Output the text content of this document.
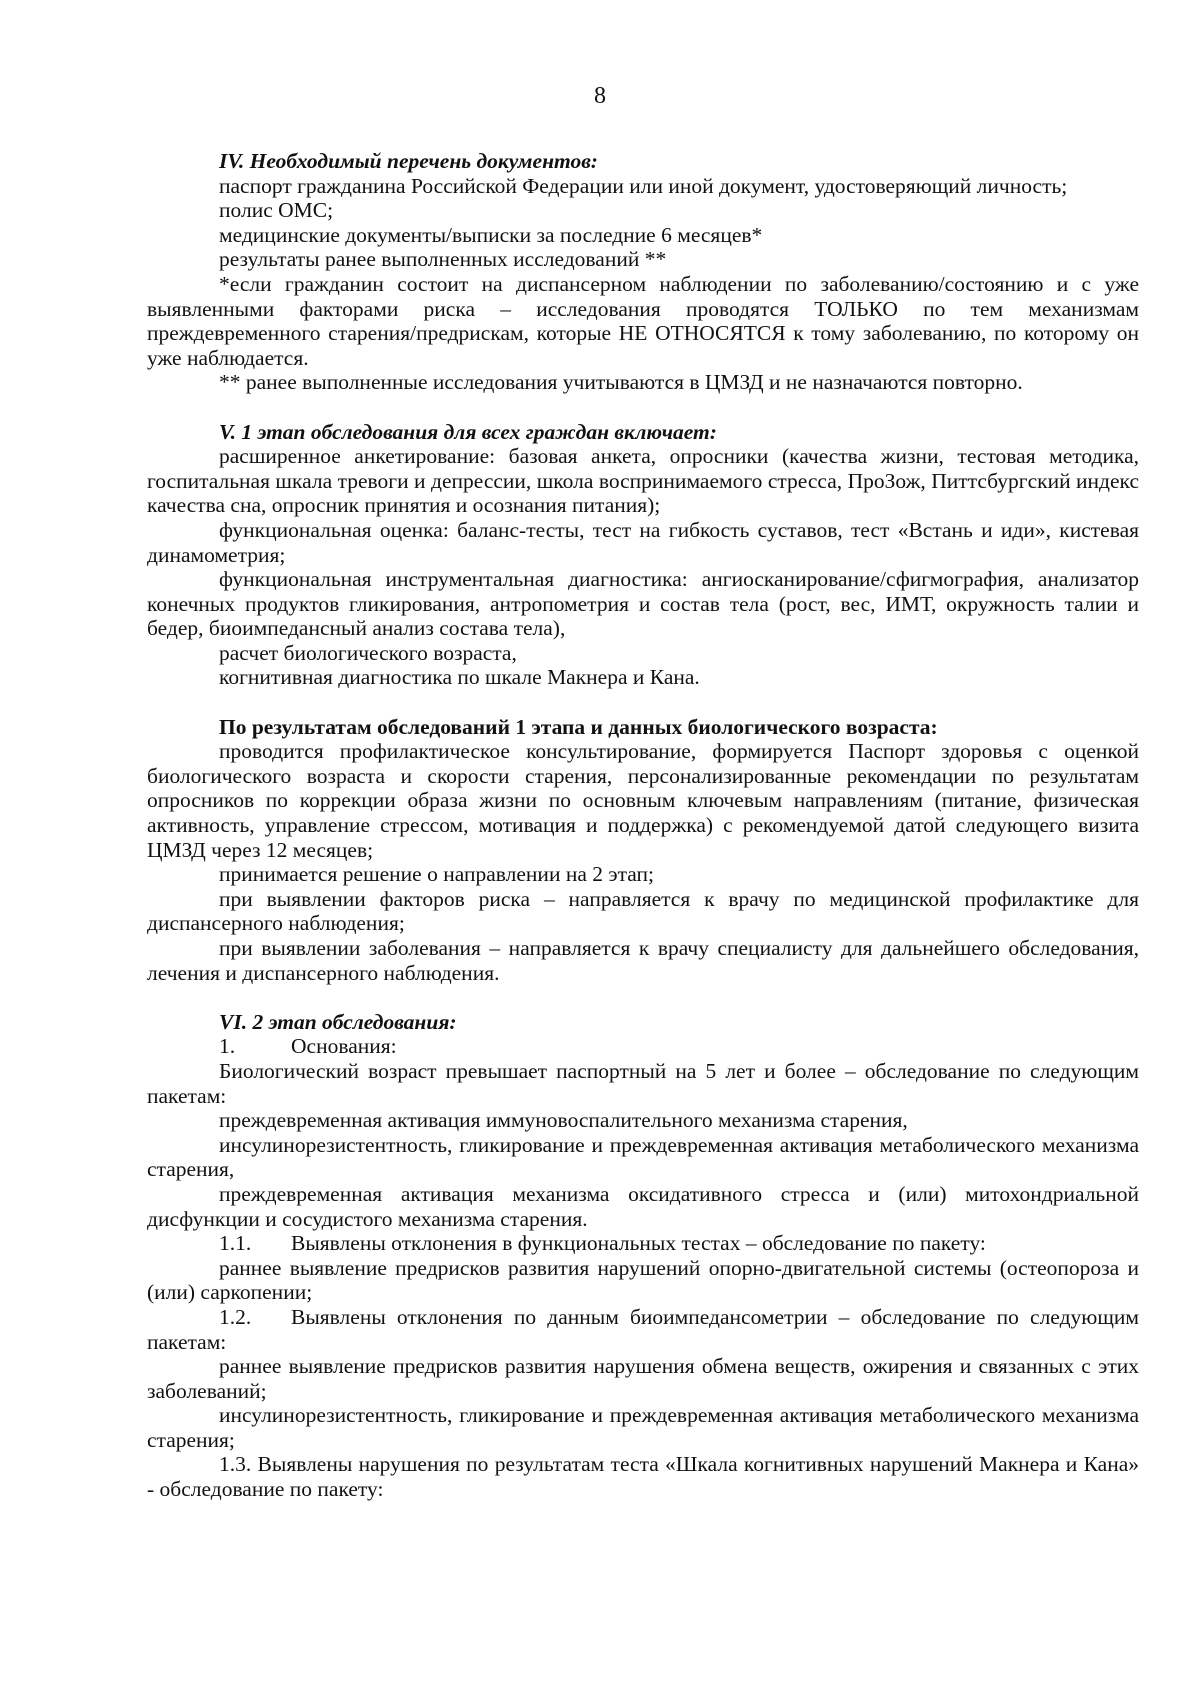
8
IV. Необходимый перечень документов:
паспорт гражданина Российской Федерации или иной документ, удостоверяющий личность;
полис ОМС;
медицинские документы/выписки за последние 6 месяцев*
результаты ранее выполненных исследований **
*если гражданин состоит на диспансерном наблюдении по заболеванию/состоянию и с уже выявленными факторами риска – исследования проводятся ТОЛЬКО по тем механизмам преждевременного старения/предрискам, которые НЕ ОТНОСЯТСЯ к тому заболеванию, по которому он уже наблюдается.
** ранее выполненные исследования учитываются в ЦМЗД и не назначаются повторно.
V. 1 этап обследования для всех граждан включает:
расширенное анкетирование: базовая анкета, опросники (качества жизни, тестовая методика, госпитальная шкала тревоги и депрессии, школа воспринимаемого стресса, ПроЗож, Питтсбургский индекс качества сна, опросник принятия и осознания питания);
функциональная оценка: баланс-тесты, тест на гибкость суставов, тест «Встань и иди», кистевая динамометрия;
функциональная инструментальная диагностика: ангиосканирование/сфигмография, анализатор конечных продуктов гликирования, антропометрия и состав тела (рост, вес, ИМТ, окружность талии и бедер, биоимпедансный анализ состава тела),
расчет биологического возраста,
когнитивная диагностика по шкале Макнера и Кана.
По результатам обследований 1 этапа и данных биологического возраста:
проводится профилактическое консультирование, формируется Паспорт здоровья с оценкой биологического возраста и скорости старения, персонализированные рекомендации по результатам опросников по коррекции образа жизни по основным ключевым направлениям (питание, физическая активность, управление стрессом, мотивация и поддержка) с рекомендуемой датой следующего визита ЦМЗД через 12 месяцев;
принимается решение о направлении на 2 этап;
при выявлении факторов риска – направляется к врачу по медицинской профилактике для диспансерного наблюдения;
при выявлении заболевания – направляется к врачу специалисту для дальнейшего обследования, лечения и диспансерного наблюдения.
VI. 2 этап обследования:
1.	Основания:
Биологический возраст превышает паспортный на 5 лет и более – обследование по следующим пакетам:
преждевременная активация иммуновоспалительного механизма старения,
инсулинорезистентность, гликирование и преждевременная активация метаболического механизма старения,
преждевременная активация механизма оксидативного стресса и (или) митохондриальной дисфункции и сосудистого механизма старения.
1.1. Выявлены отклонения в функциональных тестах – обследование по пакету:
раннее выявление предрисков развития нарушений опорно-двигательной системы (остеопороза и (или) саркопении;
1.2. Выявлены отклонения по данным биоимпедансометрии – обследование по следующим пакетам:
раннее выявление предрисков развития нарушения обмена веществ, ожирения и связанных с этих заболеваний;
инсулинорезистентность, гликирование и преждевременная активация метаболического механизма старения;
1.3. Выявлены нарушения по результатам теста «Шкала когнитивных нарушений Макнера и Кана» - обследование по пакету:
